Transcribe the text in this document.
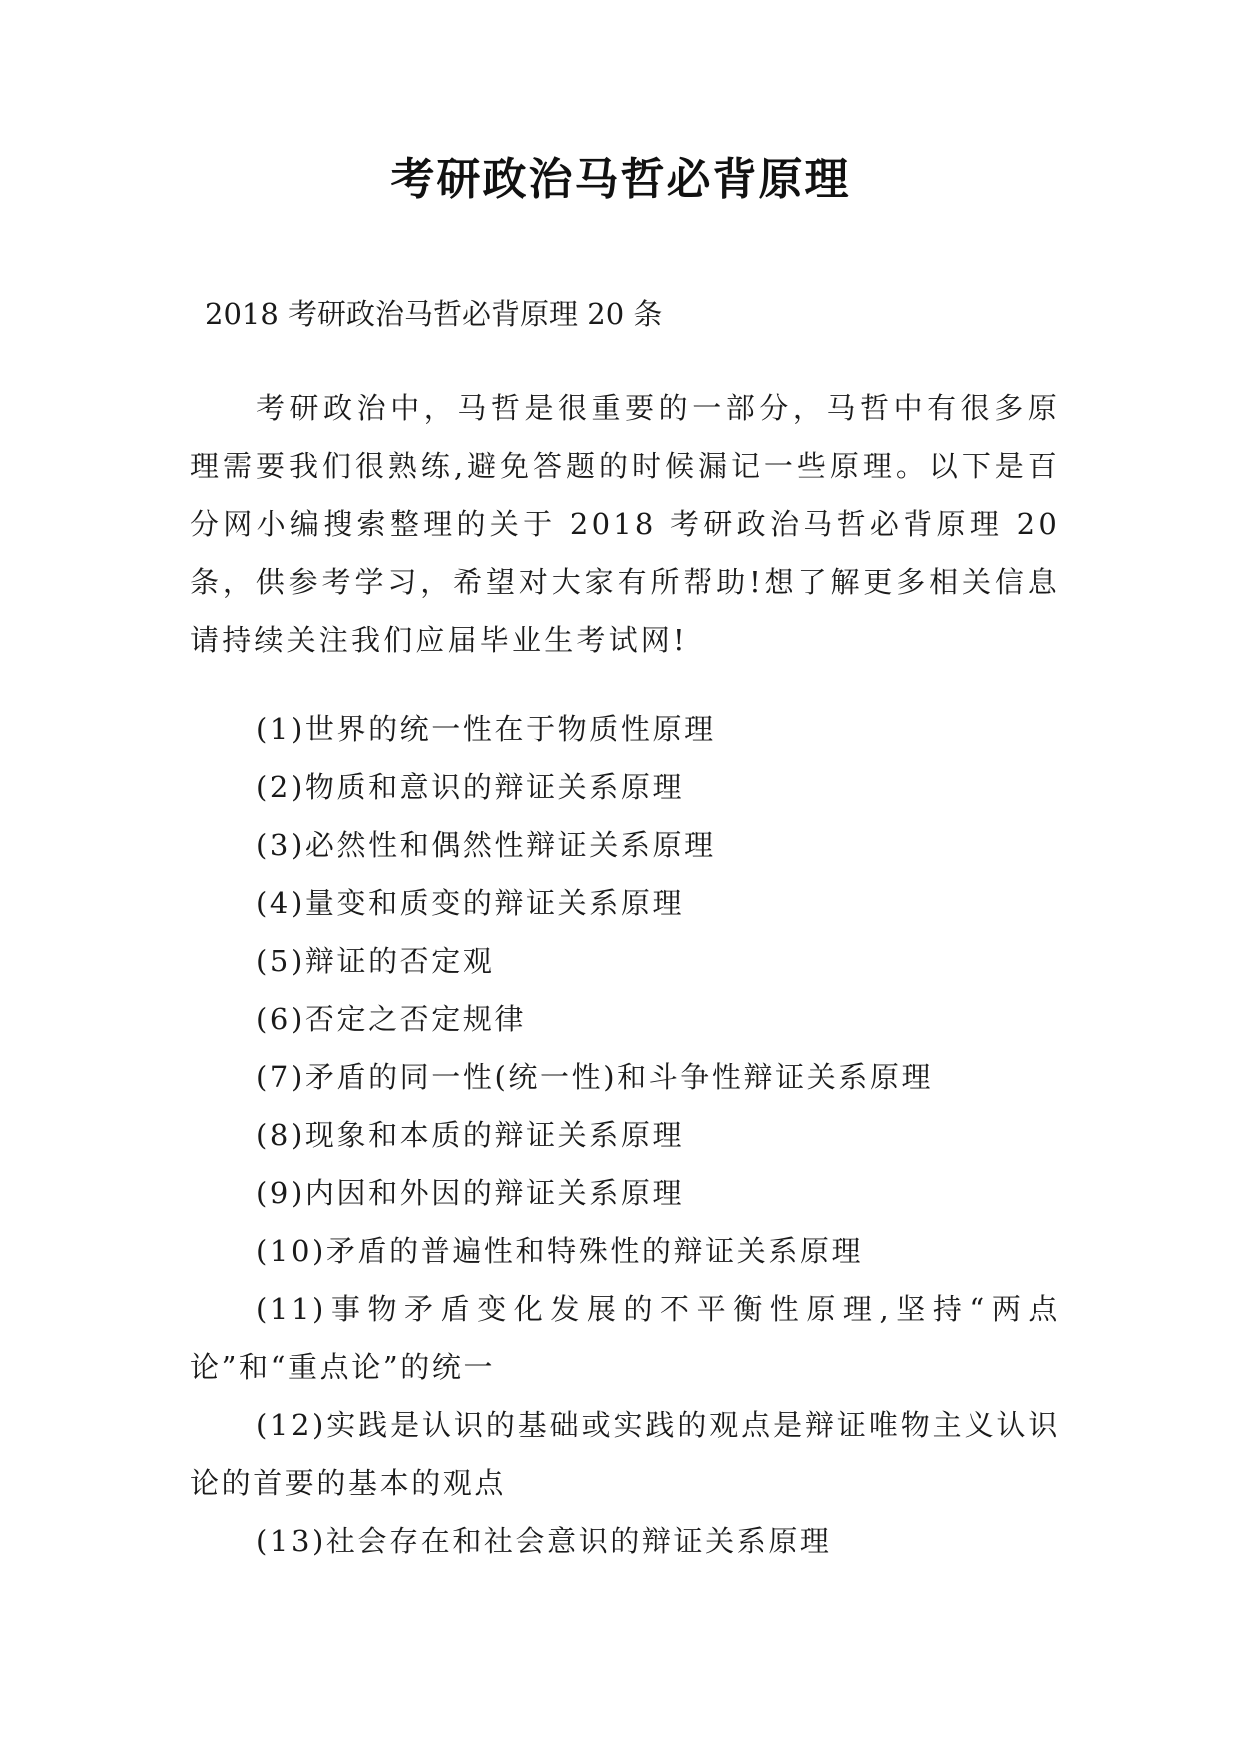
考研政治马哲必背原理
2018 考研政治马哲必背原理 20 条

考研政治中，马哲是很重要的一部分，马哲中有很多原理需要我们很熟练,避免答题的时候漏记一些原理。以下是百分网小编搜索整理的关于 2018 考研政治马哲必背原理 20 条，供参考学习，希望对大家有所帮助!想了解更多相关信息请持续关注我们应届毕业生考试网!

(1)世界的统一性在于物质性原理
(2)物质和意识的辩证关系原理
(3)必然性和偶然性辩证关系原理
(4)量变和质变的辩证关系原理
(5)辩证的否定观
(6)否定之否定规律
(7)矛盾的同一性(统一性)和斗争性辩证关系原理
(8)现象和本质的辩证关系原理
(9)内因和外因的辩证关系原理
(10)矛盾的普遍性和特殊性的辩证关系原理
(11)事物矛盾变化发展的不平衡性原理,坚持“两点论”和“重点论”的统一
(12)实践是认识的基础或实践的观点是辩证唯物主义认识论的首要的基本的观点
(13)社会存在和社会意识的辩证关系原理
